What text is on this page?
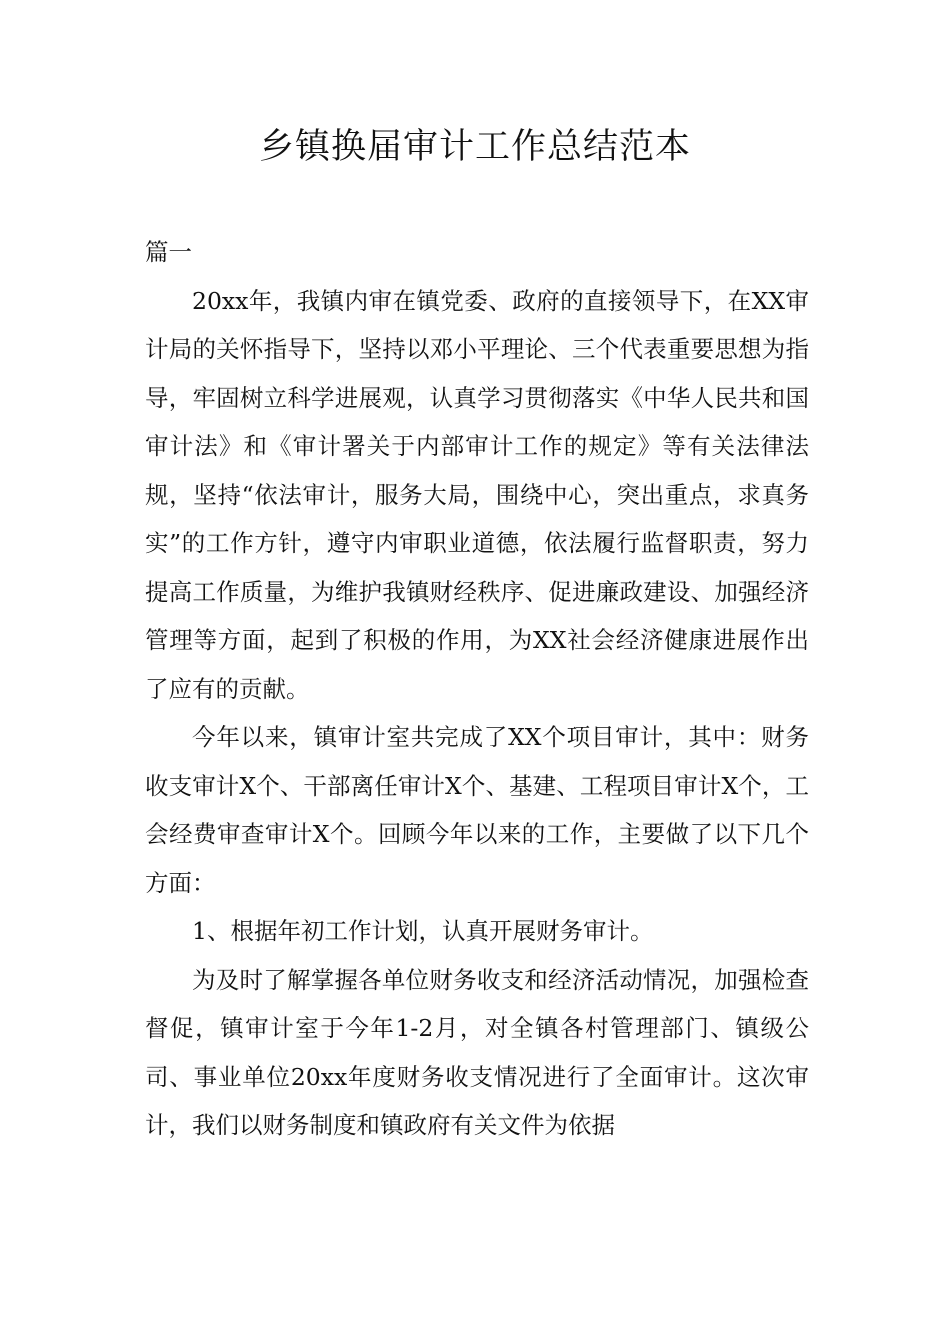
乡镇换届审计工作总结范本

篇一

20xx年，我镇内审在镇党委、政府的直接领导下，在XX审计局的关怀指导下，坚持以邓小平理论、三个代表重要思想为指导，牢固树立科学进展观，认真学习贯彻落实《中华人民共和国审计法》和《审计署关于内部审计工作的规定》等有关法律法规，坚持“依法审计，服务大局，围绕中心，突出重点，求真务实”的工作方针，遵守内审职业道德，依法履行监督职责，努力提高工作质量，为维护我镇财经秩序、促进廉政建设、加强经济管理等方面，起到了积极的作用，为XX社会经济健康进展作出了应有的贡献。

今年以来，镇审计室共完成了XX个项目审计，其中：财务收支审计X个、干部离任审计X个、基建、工程项目审计X个，工会经费审查审计X个。回顾今年以来的工作，主要做了以下几个方面：

1、根据年初工作计划，认真开展财务审计。

为及时了解掌握各单位财务收支和经济活动情况，加强检查督促，镇审计室于今年1-2月，对全镇各村管理部门、镇级公司、事业单位20xx年度财务收支情况进行了全面审计。这次审计，我们以财务制度和镇政府有关文件为依据
